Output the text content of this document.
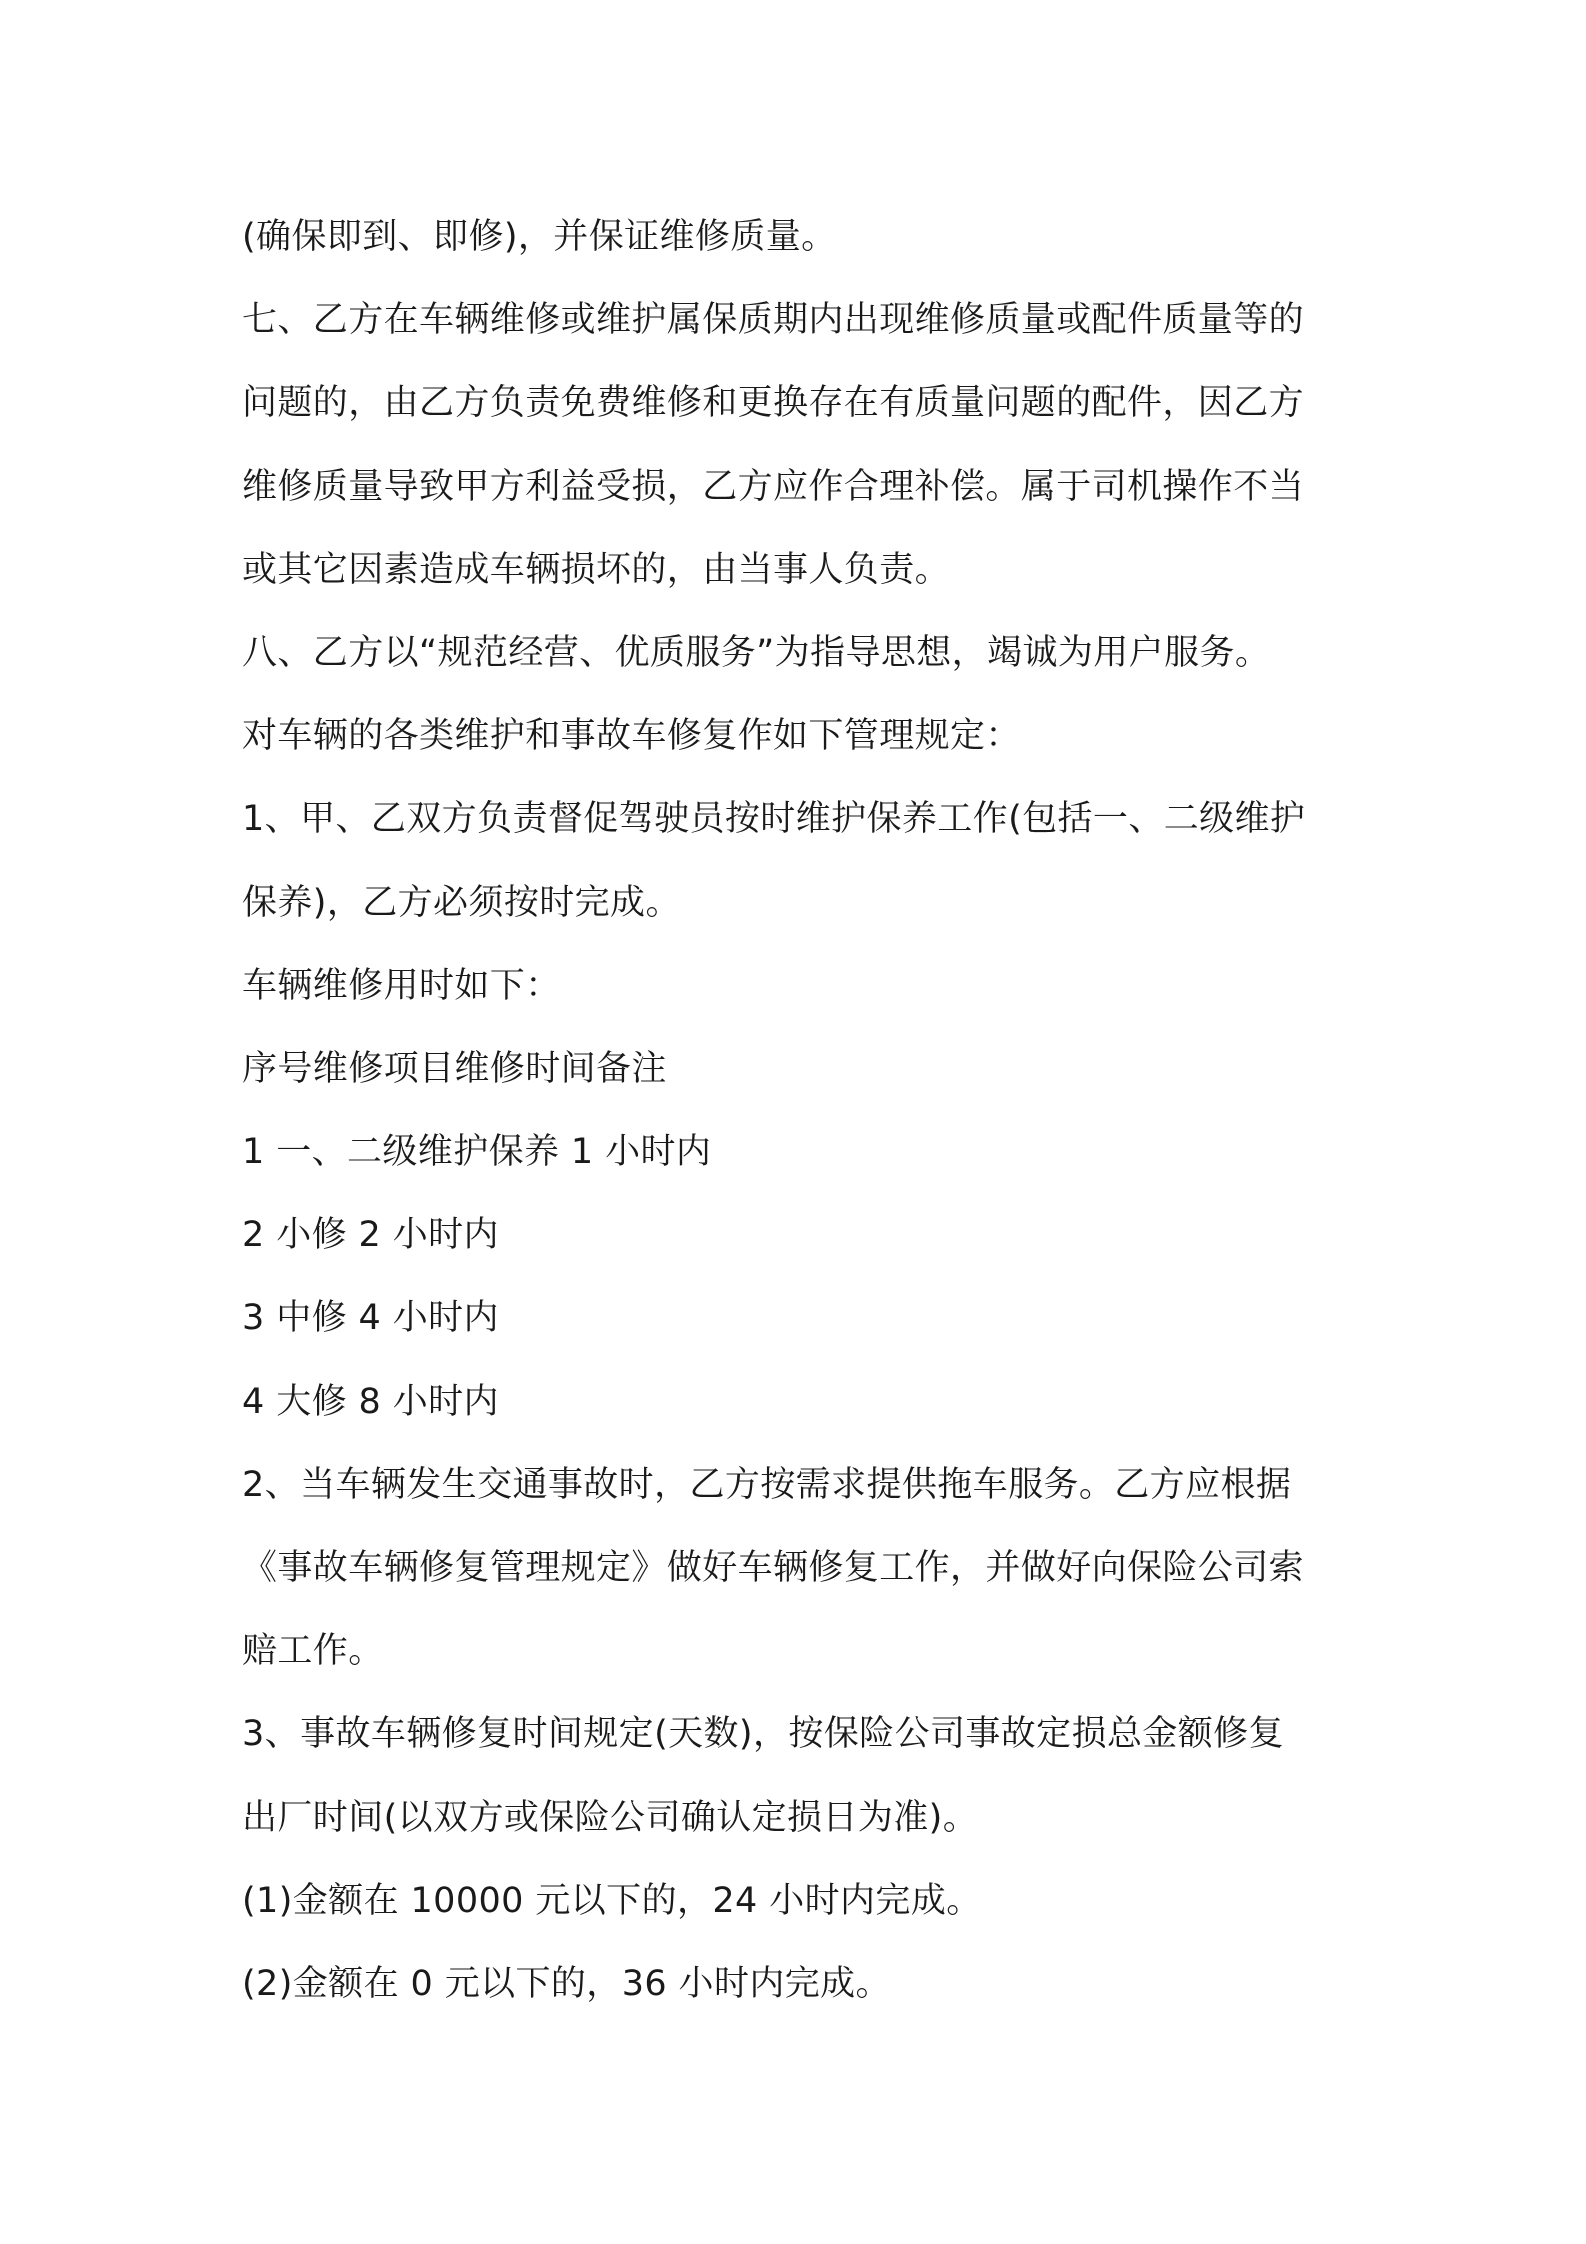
(确保即到、即修)，并保证维修质量。
七、乙方在车辆维修或维护属保质期内出现维修质量或配件质量等的
问题的，由乙方负责免费维修和更换存在有质量问题的配件，因乙方
维修质量导致甲方利益受损，乙方应作合理补偿。属于司机操作不当
或其它因素造成车辆损坏的，由当事人负责。
八、乙方以“规范经营、优质服务”为指导思想，竭诚为用户服务。
对车辆的各类维护和事故车修复作如下管理规定：
1、甲、乙双方负责督促驾驶员按时维护保养工作(包括一、二级维护
保养)，乙方必须按时完成。
车辆维修用时如下：
序号维修项目维修时间备注
1 一、二级维护保养 1 小时内
2 小修 2 小时内
3 中修 4 小时内
4 大修 8 小时内
2、当车辆发生交通事故时，乙方按需求提供拖车服务。乙方应根据
《事故车辆修复管理规定》做好车辆修复工作，并做好向保险公司索
赔工作。
3、事故车辆修复时间规定(天数)，按保险公司事故定损总金额修复
出厂时间(以双方或保险公司确认定损日为准)。
(1)金额在 10000 元以下的，24 小时内完成。
(2)金额在 0 元以下的，36 小时内完成。
